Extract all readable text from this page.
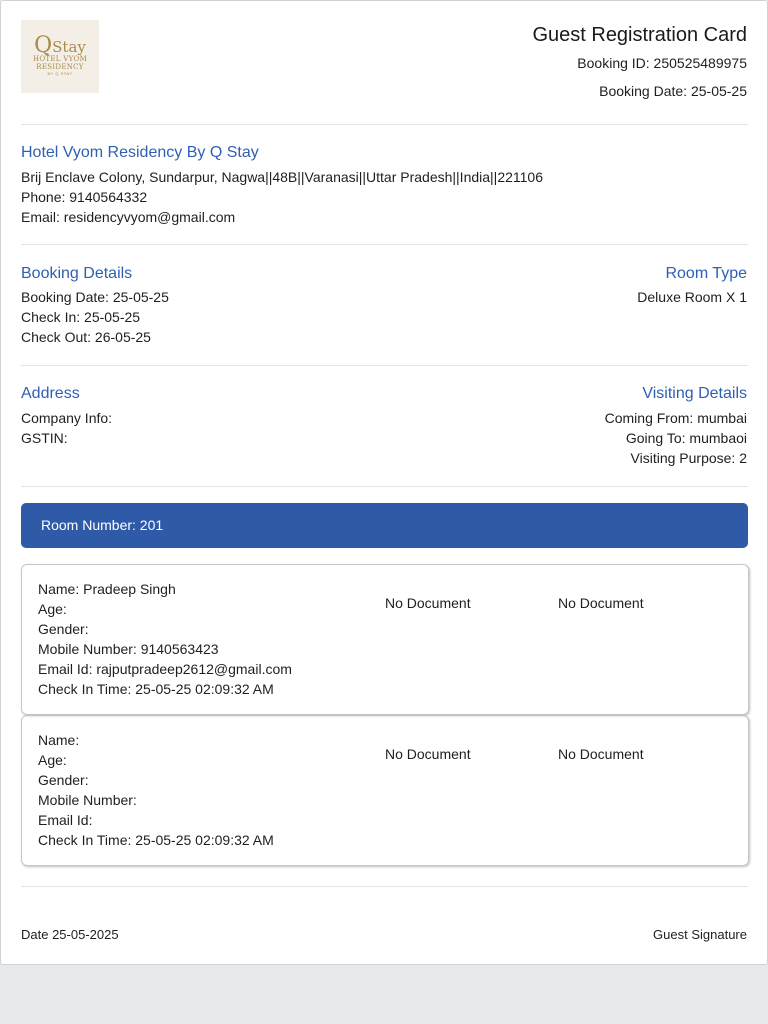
QStay
HOTEL VYOM
RESIDENCY
BY Q STAY
Guest Registration Card
Booking ID: 250525489975
Booking Date: 25-05-25
Hotel Vyom Residency By Q Stay
Brij Enclave Colony, Sundarpur, Nagwa||48B||Varanasi||Uttar Pradesh||India||221106
Phone: 9140564332
Email: residencyvyom@gmail.com
Booking Details
Booking Date: 25-05-25
Check In: 25-05-25
Check Out: 26-05-25
Room Type
Deluxe Room X 1
Address
Company Info:
GSTIN:
Visiting Details
Coming From: mumbai
Going To: mumbaoi
Visiting Purpose: 2
Room Number: 201
Name: Pradeep Singh
Age:
Gender:
Mobile Number: 9140563423
Email Id: rajputpradeep2612@gmail.com
Check In Time: 25-05-25 02:09:32 AM
No Document	No Document
Name:
Age:
Gender:
Mobile Number:
Email Id:
Check In Time: 25-05-25 02:09:32 AM
No Document	No Document
Date 25-05-2025	Guest Signature
